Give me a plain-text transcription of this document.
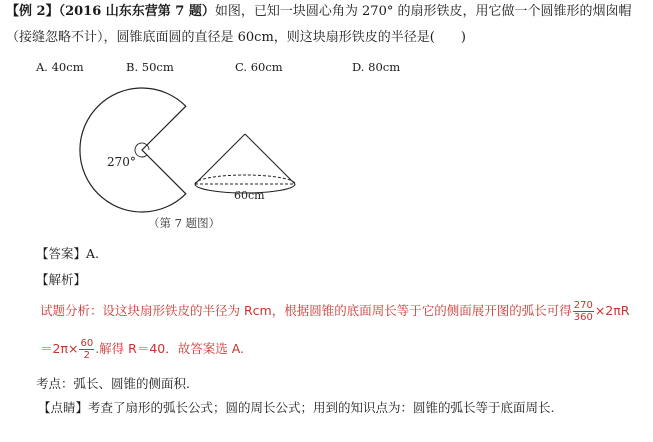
【例 2】（2016 山东东营第 7 题）如图，已知一块圆心角为 270° 的扇形铁皮，用它做一个圆锥形的烟囱帽
（接缝忽略不计），圆锥底面圆的直径是 60cm，则这块扇形铁皮的半径是(　　)
A. 40cm	B. 50cm	C. 60cm	D. 80cm
270°
60cm
（第 7 题图）
【答案】A.
【解析】
试题分析：设这块扇形铁皮的半径为 Rcm，根据圆锥的底面周长等于它的侧面展开图的弧长可得 $\frac{270}{360} \times 2\pi R$
$=2\pi\times \frac{60}{2}$ .解得 R＝40．故答案选 A.
考点：弧长、圆锥的侧面积.
【点睛】考查了扇形的弧长公式；圆的周长公式；用到的知识点为：圆锥的弧长等于底面周长.
